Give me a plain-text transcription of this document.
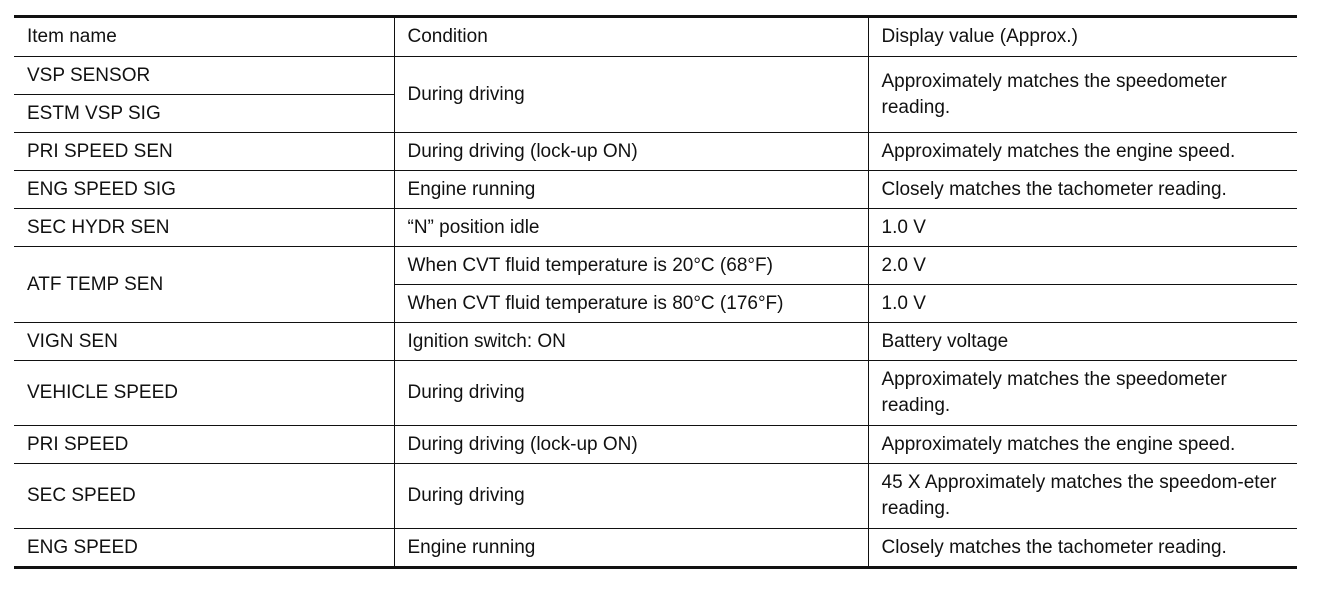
Item name	Condition	Display value (Approx.)
VSP SENSOR	During driving	Approximately matches the speedometer reading.
ESTM VSP SIG		
PRI SPEED SEN	During driving (lock-up ON)	Approximately matches the engine speed.
ENG SPEED SIG	Engine running	Closely matches the tachometer reading.
SEC HYDR SEN	“N” position idle	1.0 V
ATF TEMP SEN	When CVT fluid temperature is 20°C (68°F)	2.0 V
	When CVT fluid temperature is 80°C (176°F)	1.0 V
VIGN SEN	Ignition switch: ON	Battery voltage
VEHICLE SPEED	During driving	Approximately matches the speedometer reading.
PRI SPEED	During driving (lock-up ON)	Approximately matches the engine speed.
SEC SPEED	During driving	45 X Approximately matches the speedom-eter reading.
ENG SPEED	Engine running	Closely matches the tachometer reading.
